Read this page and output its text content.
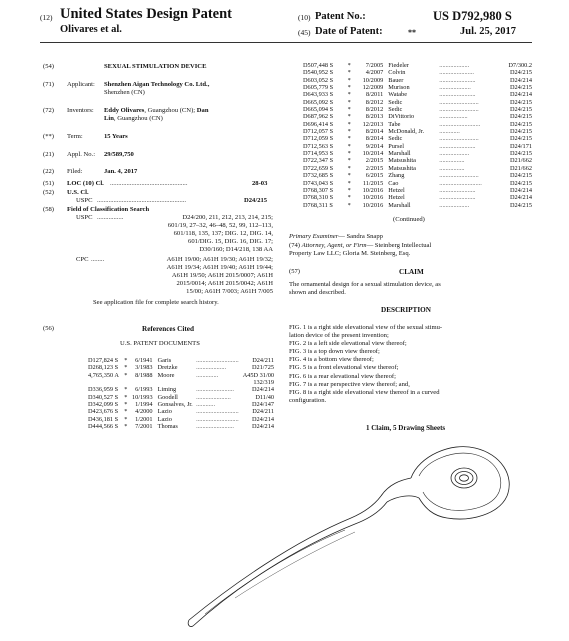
(12) United States Design Patent
Olivares et al.
(10) Patent No.:	US D792,980 S
(45) Date of Patent:	**	Jul. 25, 2017
(54)	SEXUAL STIMULATION DEVICE
(71) Applicant: Shenzhen Aigan Technology Co. Ltd.,
Shenzhen (CN)
(72) Inventors: Eddy Olivares, Guangzhou (CN); Dan
Lin, Guangzhou (CN)
(**) Term:	15 Years
(21) Appl. No.: 29/589,750
(22) Filed:	Jan. 4, 2017
(51) LOC (10) Cl. ...............................................	28-03
(52) U.S. Cl.
USPC ......................................................	D24/215
(58) Field of Classification Search
USPC ................	D24/200, 211, 212, 213, 214, 215;
601/19, 27–32, 46–48, 52, 99, 112–113,
601/118, 135, 137; DIG. 12, DIG. 14,
601/DIG. 15, DIG. 16, DIG. 17;
D30/160; D14/218, 138 AA
CPC ........	A61H 19/00; A61H 19/30; A61H 19/32;
A61H 19/34; A61H 19/40; A61H 19/44;
A61H 19/50; A61H 2015/0007; A61H
2015/0014; A61H 2015/0042; A61H
15/00; A61H 7/003; A61H 7/005
See application file for complete search history.
(56)	References Cited
U.S. PATENT DOCUMENTS
D127,824 S	*	6/1941	Garis	...........................	D24/211
D268,123 S	*	3/1983	Dretzke	...................	D21/725
4,765,350 A	*	8/1988	Moore	..............	A45D 31/00
					132/319
D336,959 S	*	6/1993	Liming	........................	D24/214
D340,527 S	*	10/1993	Goodell	......................	D11/40
D342,099 S	*	1/1994	Gonsalves, Jr.	............	D24/147
D423,676 S	*	4/2000	Lazio	...........................	D24/211
D436,181 S	*	1/2001	Lazio	...........................	D24/214
D444,566 S	*	7/2001	Thomas	........................	D24/214
D507,448 S	*	7/2005	Fiedeler	...................	D7/300.2
D540,952 S	*	4/2007	Colvin	......................	D24/215
D603,052 S	*	10/2009	Bauer	.......................	D24/214
D605,779 S	*	12/2009	Murison	....................	D24/215
D643,933 S	*	8/2011	Watabe	.......................	D24/214
D665,092 S	*	8/2012	Sedic	.........................	D24/215
D665,094 S	*	8/2012	Sedic	.........................	D24/215
D687,962 S	*	8/2013	DiVittorio	..................	D24/215
D696,414 S	*	12/2013	Tabe	..........................	D24/215
D712,057 S	*	8/2014	McDonald, Jr.	.............	D24/215
D712,059 S	*	8/2014	Sedic	.........................	D24/215
D712,563 S	*	9/2014	Pursel	.......................	D24/171
D714,953 S	*	10/2014	Marshall	...................	D24/215
D722,347 S	*	2/2015	Matsushita	................	D21/662
D722,659 S	*	2/2015	Matsushita	................	D21/662
D732,685 S	*	6/2015	Zhang	.........................	D24/215
D743,043 S	*	11/2015	Cao	...........................	D24/215
D768,307 S	*	10/2016	Hetzel	.......................	D24/214
D768,310 S	*	10/2016	Hetzel	.......................	D24/214
D768,311 S	*	10/2016	Marshall	...................	D24/215
(Continued)
Primary Examiner— Sandra Snapp
(74) Attorney, Agent, or Firm— Steinberg Intellectual
Property Law LLC; Gloria M. Steinberg, Esq.
(57)	CLAIM
The ornamental design for a sexual stimulation device, as
shown and described.
DESCRIPTION
FIG. 1 is a right side elevational view of the sexual stimu-
lation device of the present invention;
FIG. 2 is a left side elevational view thereof;
FIG. 3 is a top down view thereof;
FIG. 4 is a bottom view thereof;
FIG. 5 is a front elevational view thereof;
FIG. 6 is a rear elevational view thereof;
FIG. 7 is a rear perspective view thereof; and,
FIG. 8 is a right side elevational view thereof in a curved
configuration.
1 Claim, 5 Drawing Sheets
